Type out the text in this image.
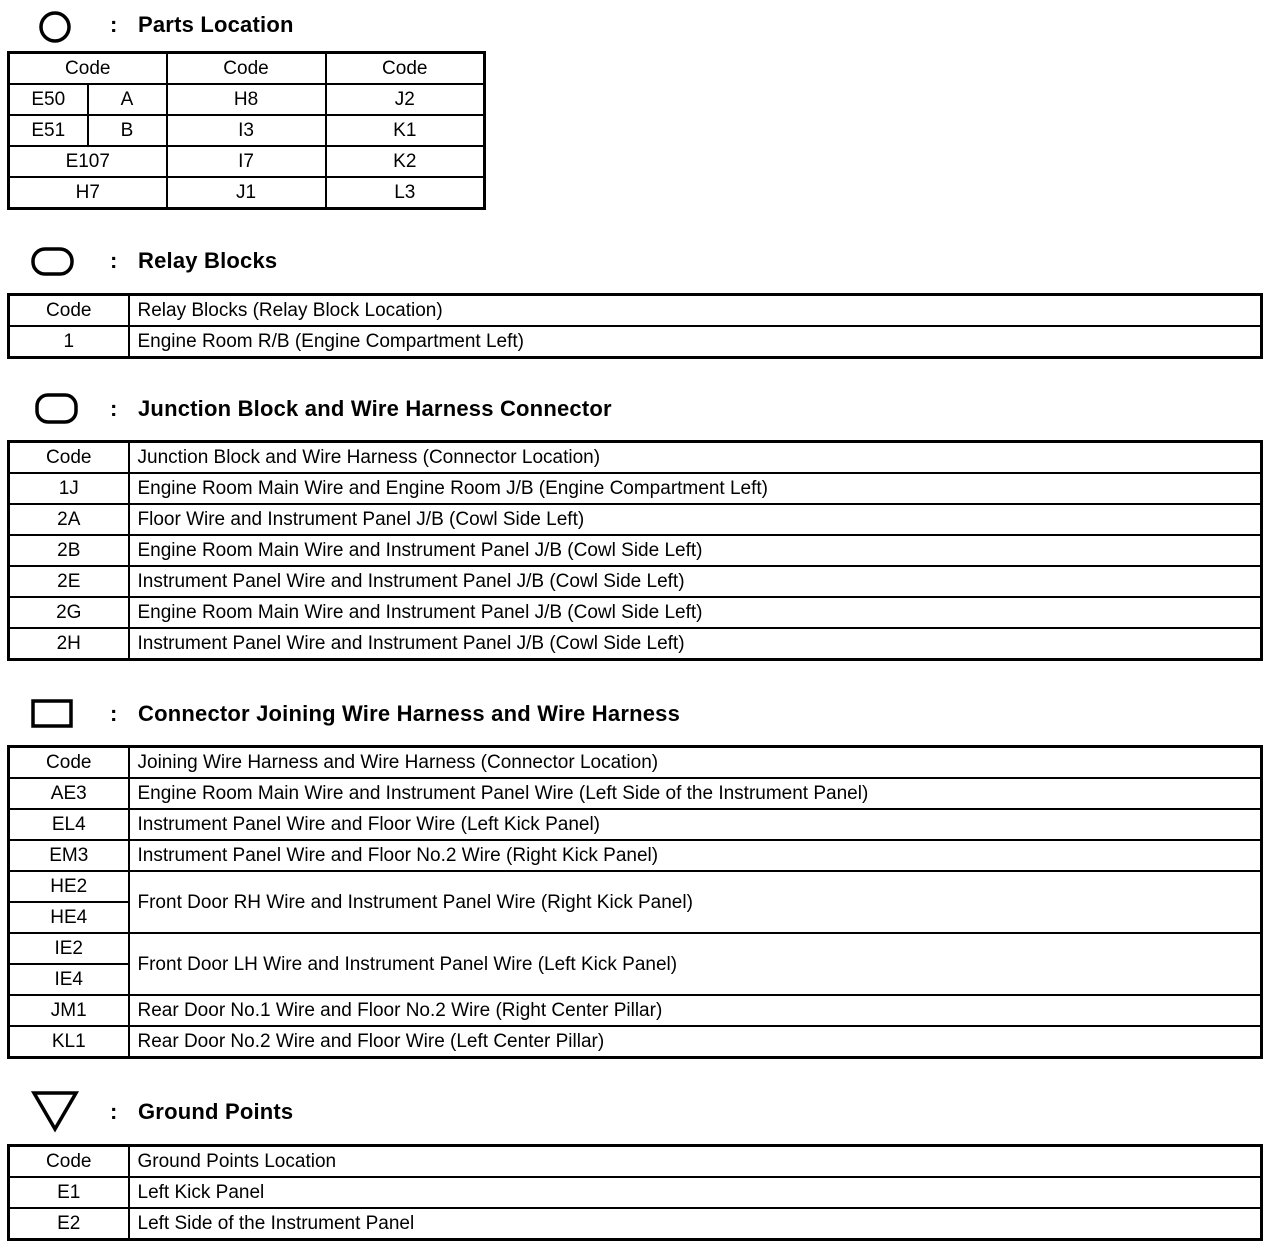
: Parts Location
Code		Code	Code
E50	A	H8	J2
E51	B	I3	K1
E107		I7	K2
H7		J1	L3
: Relay Blocks
Code	Relay Blocks (Relay Block Location)
1	Engine Room R/B (Engine Compartment Left)
: Junction Block and Wire Harness Connector
Code	Junction Block and Wire Harness (Connector Location)
1J	Engine Room Main Wire and Engine Room J/B (Engine Compartment Left)
2A	Floor Wire and Instrument Panel J/B (Cowl Side Left)
2B	Engine Room Main Wire and Instrument Panel J/B (Cowl Side Left)
2E	Instrument Panel Wire and Instrument Panel J/B (Cowl Side Left)
2G	Engine Room Main Wire and Instrument Panel J/B (Cowl Side Left)
2H	Instrument Panel Wire and Instrument Panel J/B (Cowl Side Left)
: Connector Joining Wire Harness and Wire Harness
Code	Joining Wire Harness and Wire Harness (Connector Location)
AE3	Engine Room Main Wire and Instrument Panel Wire (Left Side of the Instrument Panel)
EL4	Instrument Panel Wire and Floor Wire (Left Kick Panel)
EM3	Instrument Panel Wire and Floor No.2 Wire (Right Kick Panel)
HE2	Front Door RH Wire and Instrument Panel Wire (Right Kick Panel)
HE4	
IE2	Front Door LH Wire and Instrument Panel Wire (Left Kick Panel)
IE4	
JM1	Rear Door No.1 Wire and Floor No.2 Wire (Right Center Pillar)
KL1	Rear Door No.2 Wire and Floor Wire (Left Center Pillar)
: Ground Points
Code	Ground Points Location
E1	Left Kick Panel
E2	Left Side of the Instrument Panel
